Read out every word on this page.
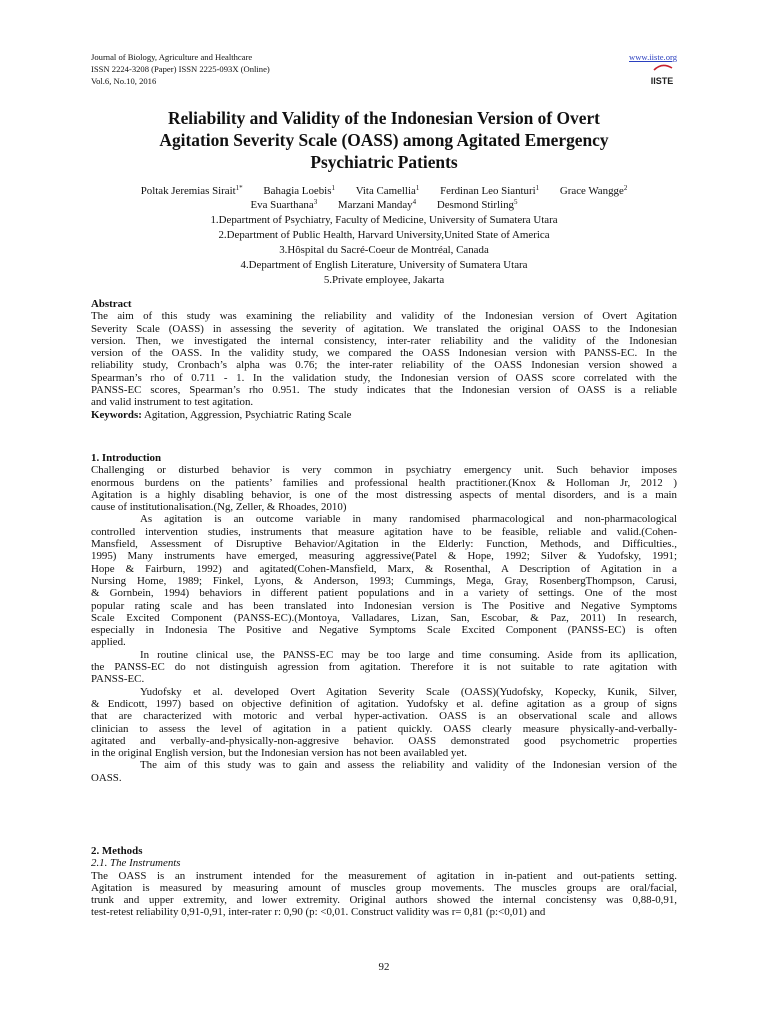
Journal of Biology, Agriculture and Healthcare
ISSN 2224-3208 (Paper) ISSN 2225-093X (Online)
Vol.6, No.10, 2016
www.iiste.org
IISTE
Reliability and Validity of the Indonesian Version of Overt
Agitation Severity Scale (OASS) among Agitated Emergency
Psychiatric Patients
Poltak Jeremias Sirait$^{1*}$ Bahagia Loebis$^1$ Vita Camellia$^1$ Ferdinan Leo Sianturi$^1$ Grace Wangge$^2$
Eva Suarthana$^3$ Marzani Manday$^4$ Desmond Stirling$^5$
1.Department of Psychiatry, Faculty of Medicine, University of Sumatera Utara
2.Department of Public Health, Harvard University,United State of America
3.Hôspital du Sacré-Coeur de Montréal, Canada
4.Department of English Literature, University of Sumatera Utara
5.Private employee, Jakarta
Abstract
The aim of this study was examining the reliability and validity of the Indonesian version of Overt Agitation
Severity Scale (OASS) in assessing the severity of agitation. We translated the original OASS to the Indonesian
version. Then, we investigated the internal consistency, inter-rater reliability and the validity of the Indonesian
version of the OASS. In the validity study, we compared the OASS Indonesian version with PANSS-EC. In the
reliability study, Cronbach’s alpha was 0.76; the inter-rater reliability of the OASS Indonesian version showed a
Spearman’s rho of 0.711 - 1. In the validation study, the Indonesian version of OASS score correlated with the
PANSS-EC scores, Spearman’s rho 0.951. The study indicates that the Indonesian version of OASS is a reliable
and valid instrument to test agitation.
Keywords: Agitation, Aggression, Psychiatric Rating Scale
1. Introduction
Challenging or disturbed behavior is very common in psychiatry emergency unit. Such behavior imposes
enormous burdens on the patients’ families and professional health practitioner.(Knox & Holloman Jr, 2012 )
Agitation is a highly disabling behavior, is one of the most distressing aspects of mental disorders, and is a main
cause of institutionalisation.(Ng, Zeller, & Rhoades, 2010)
As agitation is an outcome variable in many randomised pharmacological and non-pharmacological
controlled intervention studies, instruments that measure agitation have to be feasible, reliable and valid.(Cohen-
Mansfield, Assessment of Disruptive Behavior/Agitation in the Elderly: Function, Methods, and Difficulties.,
1995) Many instruments have emerged, measuring aggressive(Patel & Hope, 1992; Silver & Yudofsky, 1991;
Hope & Fairburn, 1992) and agitated(Cohen-Mansfield, Marx, & Rosenthal, A Description of Agitation in a
Nursing Home, 1989; Finkel, Lyons, & Anderson, 1993; Cummings, Mega, Gray, RosenbergThompson, Carusi,
& Gornbein, 1994) behaviors in different patient populations and in a variety of settings. One of the most
popular rating scale and has been translated into Indonesian version is The Positive and Negative Symptoms
Scale Excited Component (PANSS-EC).(Montoya, Valladares, Lizan, San, Escobar, & Paz, 2011) In research,
especially in Indonesia The Positive and Negative Symptoms Scale Excited Component (PANSS-EC) is often
applied.
In routine clinical use, the PANSS-EC may be too large and time consuming. Aside from its apllication,
the PANSS-EC do not distinguish agression from agitation. Therefore it is not suitable to rate agitation with
PANSS-EC.
Yudofsky et al. developed Overt Agitation Severity Scale (OASS)(Yudofsky, Kopecky, Kunik, Silver,
& Endicott, 1997) based on objective definition of agitation. Yudofsky et al. define agitation as a group of signs
that are characterized with motoric and verbal hyper-activation. OASS is an observational scale and allows
clinician to assess the level of agitation in a patient quickly. OASS clearly measure physically-and-verbally-
agitated and verbally-and-physically-non-aggresive behavior. OASS demonstrated good psychometric properties
in the original English version, but the Indonesian version has not been availabled yet.
The aim of this study was to gain and assess the reliability and validity of the Indonesian version of the
OASS.
2. Methods
2.1. The Instruments
The OASS is an instrument intended for the measurement of agitation in in-patient and out-patients setting.
Agitation is measured by measuring amount of muscles group movements. The muscles groups are oral/facial,
trunk and upper extremity, and lower extremity. Original authors showed the internal concistensy was 0,88-0,91,
test-retest reliability 0,91-0,91, inter-rater r: 0,90 (p: <0,01. Construct validity was r= 0,81 (p:<0,01) and
92
